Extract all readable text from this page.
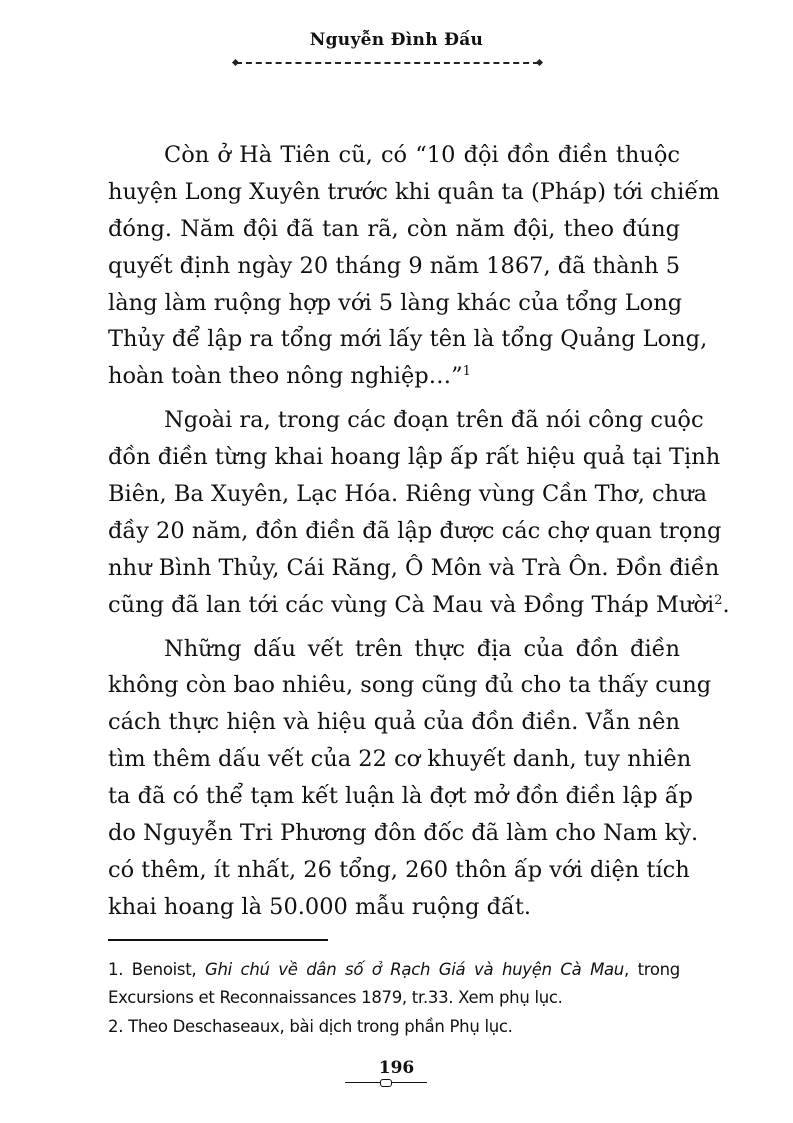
Nguyễn Đình Đấu
Còn ở Hà Tiên cũ, có “10 đội đồn điền thuộc
huyện Long Xuyên trước khi quân ta (Pháp) tới chiếm
đóng. Năm đội đã tan rã, còn năm đội, theo đúng
quyết định ngày 20 tháng 9 năm 1867, đã thành 5
làng làm ruộng hợp với 5 làng khác của tổng Long
Thủy để lập ra tổng mới lấy tên là tổng Quảng Long,
hoàn toàn theo nông nghiệp…”$^1$
Ngoài ra, trong các đoạn trên đã nói công cuộc
đồn điền từng khai hoang lập ấp rất hiệu quả tại Tịnh
Biên, Ba Xuyên, Lạc Hóa. Riêng vùng Cần Thơ, chưa
đầy 20 năm, đồn điền đã lập được các chợ quan trọng
như Bình Thủy, Cái Răng, Ô Môn và Trà Ôn. Đồn điền
cũng đã lan tới các vùng Cà Mau và Đồng Tháp Mười$^2$.
Những dấu vết trên thực địa của đồn điền
không còn bao nhiêu, song cũng đủ cho ta thấy cung
cách thực hiện và hiệu quả của đồn điền. Vẫn nên
tìm thêm dấu vết của 22 cơ khuyết danh, tuy nhiên
ta đã có thể tạm kết luận là đợt mở đồn điền lập ấp
do Nguyễn Tri Phương đôn đốc đã làm cho Nam kỳ.
có thêm, ít nhất, 26 tổng, 260 thôn ấp với diện tích
khai hoang là 50.000 mẫu ruộng đất.
1. Benoist, Ghi chú về dân số ở Rạch Giá và huyện Cà Mau, trong
Excursions et Reconnaissances 1879, tr.33. Xem phụ lục.
2. Theo Deschaseaux, bài dịch trong phần Phụ lục.
196
